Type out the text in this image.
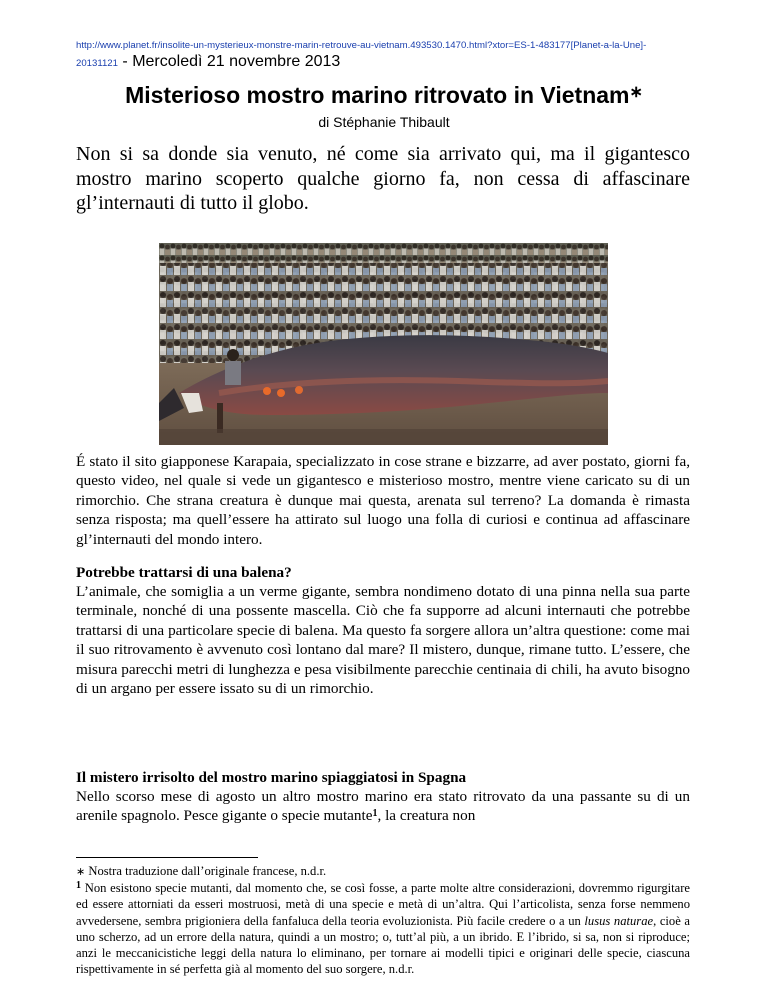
http://www.planet.fr/insolite-un-mysterieux-monstre-marin-retrouve-au-vietnam.493530.1470.html?xtor=ES-1-483177[Planet-a-la-Une]-
20131121 - Mercoledì 21 novembre 2013
Misterioso mostro marino ritrovato in Vietnam∗
di Stéphanie Thibault
Non si sa donde sia venuto, né come sia arrivato qui, ma il gigantesco mostro marino scoperto qualche giorno fa, non cessa di affascinare gl’internauti di tutto il globo.
É stato il sito giapponese Karapaia, specializzato in cose strane e bizzarre, ad aver postato, giorni fa, questo video, nel quale si vede un gigantesco e misterioso mostro, mentre viene caricato su di un rimorchio. Che strana creatura è dunque mai questa, arenata sul terreno? La domanda è rimasta senza risposta; ma quell’essere ha attirato sul luogo una folla di curiosi e continua ad affascinare gl’internauti del mondo intero.
Potrebbe trattarsi di una balena?
L’animale, che somiglia a un verme gigante, sembra nondimeno dotato di una pinna nella sua parte terminale, nonché di una possente mascella. Ciò che fa supporre ad alcuni internauti che potrebbe trattarsi di una particolare specie di balena. Ma questo fa sorgere allora un’altra questione: come mai il suo ritrovamento è avvenuto così lontano dal mare? Il mistero, dunque, rimane tutto. L’essere, che misura parecchi metri di lunghezza e pesa visibilmente parecchie centinaia di chili, ha avuto bisogno di un argano per essere issato su di un rimorchio.
Il mistero irrisolto del mostro marino spiaggiatosi in Spagna
Nello scorso mese di agosto un altro mostro marino era stato ritrovato da una passante su di un arenile spagnolo. Pesce gigante o specie mutante$^1$, la creatura non

∗ Nostra traduzione dall’originale francese, n.d.r.

$^1$ Non esistono specie mutanti, dal momento che, se così fosse, a parte molte altre considerazioni, dovremmo rigurgitare ed essere attorniati da esseri mostruosi, metà di una specie e metà di un’altra. Qui l’articolista, senza forse nemmeno avvedersene, sembra prigioniera della fanfaluca della teoria evoluzionista. Più facile credere o a un lusus naturae, cioè a uno scherzo, ad un errore della natura, quindi a un mostro; o, tutt’al più, a un ibrido. E l’ibrido, si sa, non si riproduce; anzi le meccanicistiche leggi della natura lo eliminano, per tornare ai modelli tipici e originari delle specie, ciascuna rispettivamente in sé perfetta già al momento del suo sorgere, n.d.r.
